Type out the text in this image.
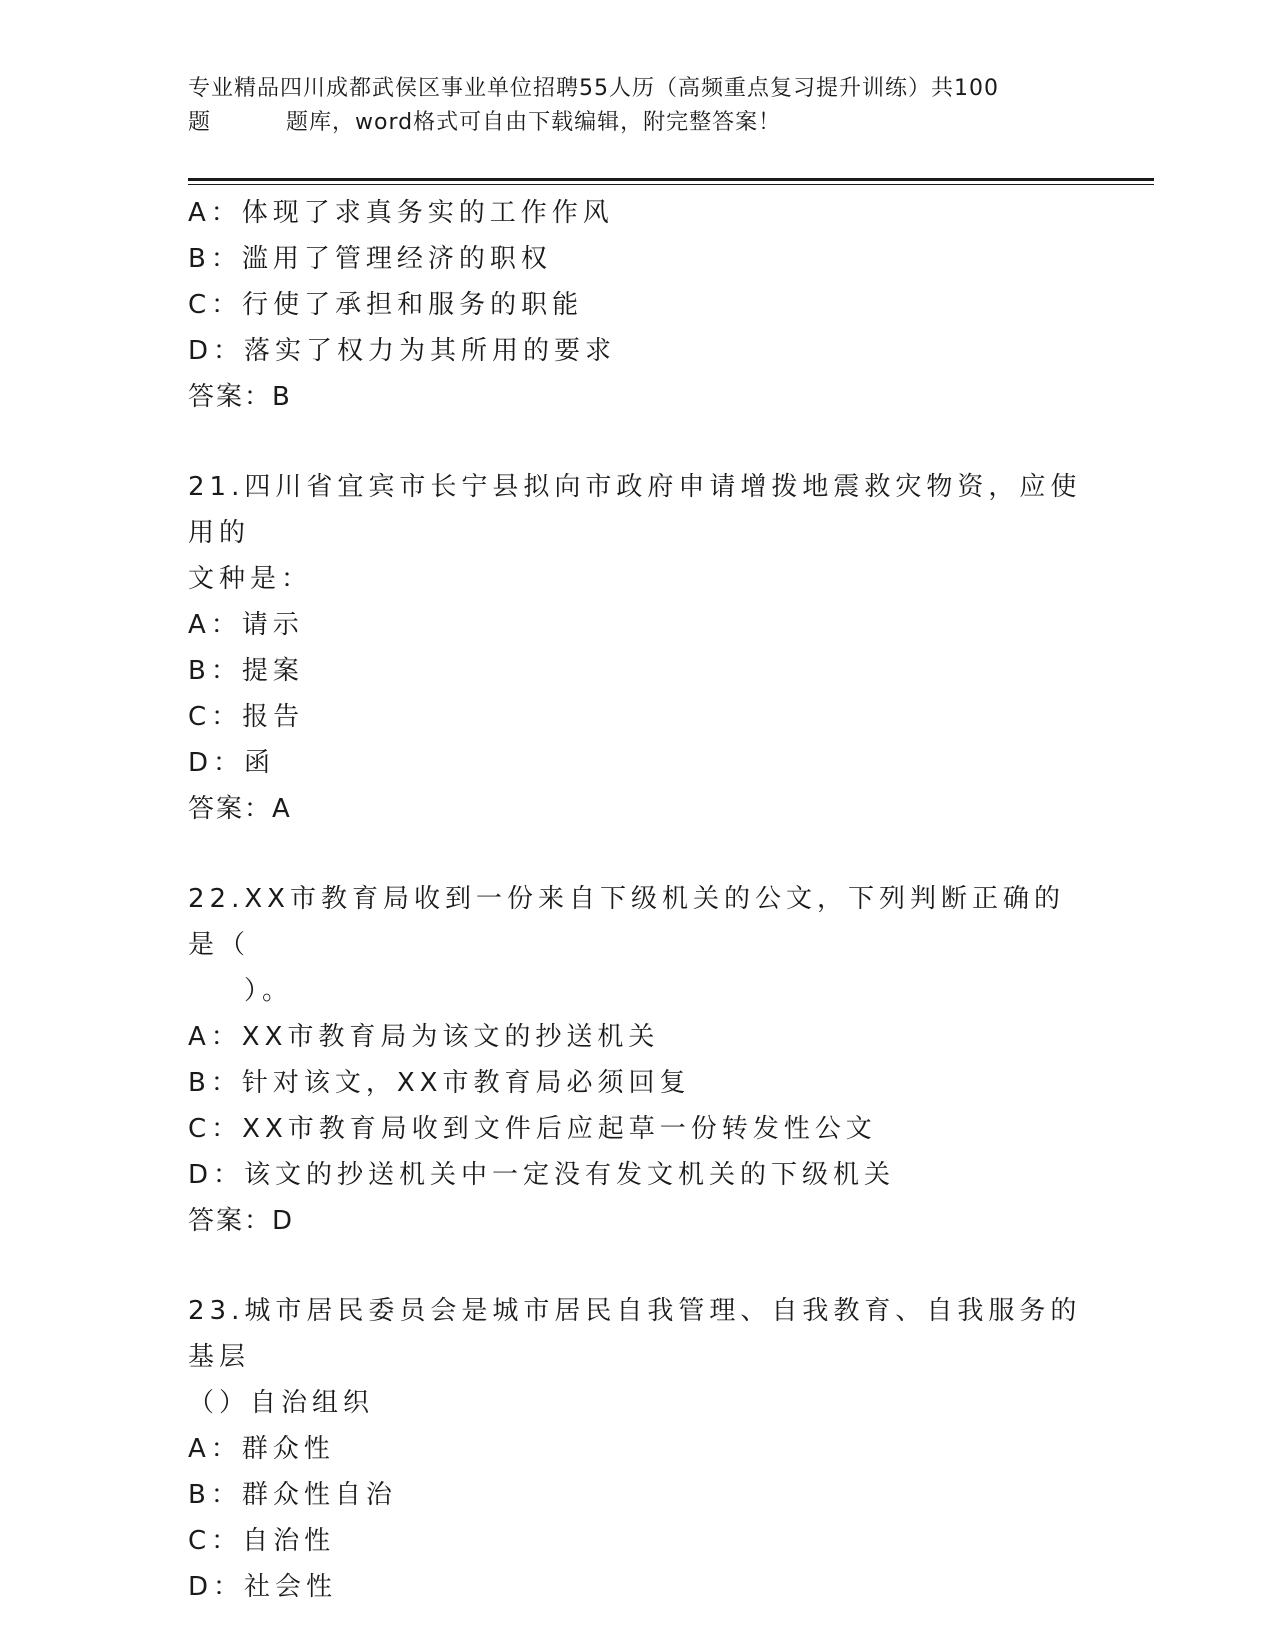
专业精品四川成都武侯区事业单位招聘55人历（高频重点复习提升训练）共100
题	题库，word格式可自由下载编辑，附完整答案！
A：体现了求真务实的工作作风
B：滥用了管理经济的职权
C：行使了承担和服务的职能
D：落实了权力为其所用的要求
答案：B
21.四川省宜宾市长宁县拟向市政府申请增拨地震救灾物资，应使用的
文种是：
A：请示
B：提案
C：报告
D：函
答案：A
22.XX市教育局收到一份来自下级机关的公文，下列判断正确的是（
）。
A：XX市教育局为该文的抄送机关
B：针对该文，XX市教育局必须回复
C：XX市教育局收到文件后应起草一份转发性公文
D：该文的抄送机关中一定没有发文机关的下级机关
答案：D
23.城市居民委员会是城市居民自我管理、自我教育、自我服务的基层
（）自治组织
A：群众性
B：群众性自治
C：自治性
D：社会性
